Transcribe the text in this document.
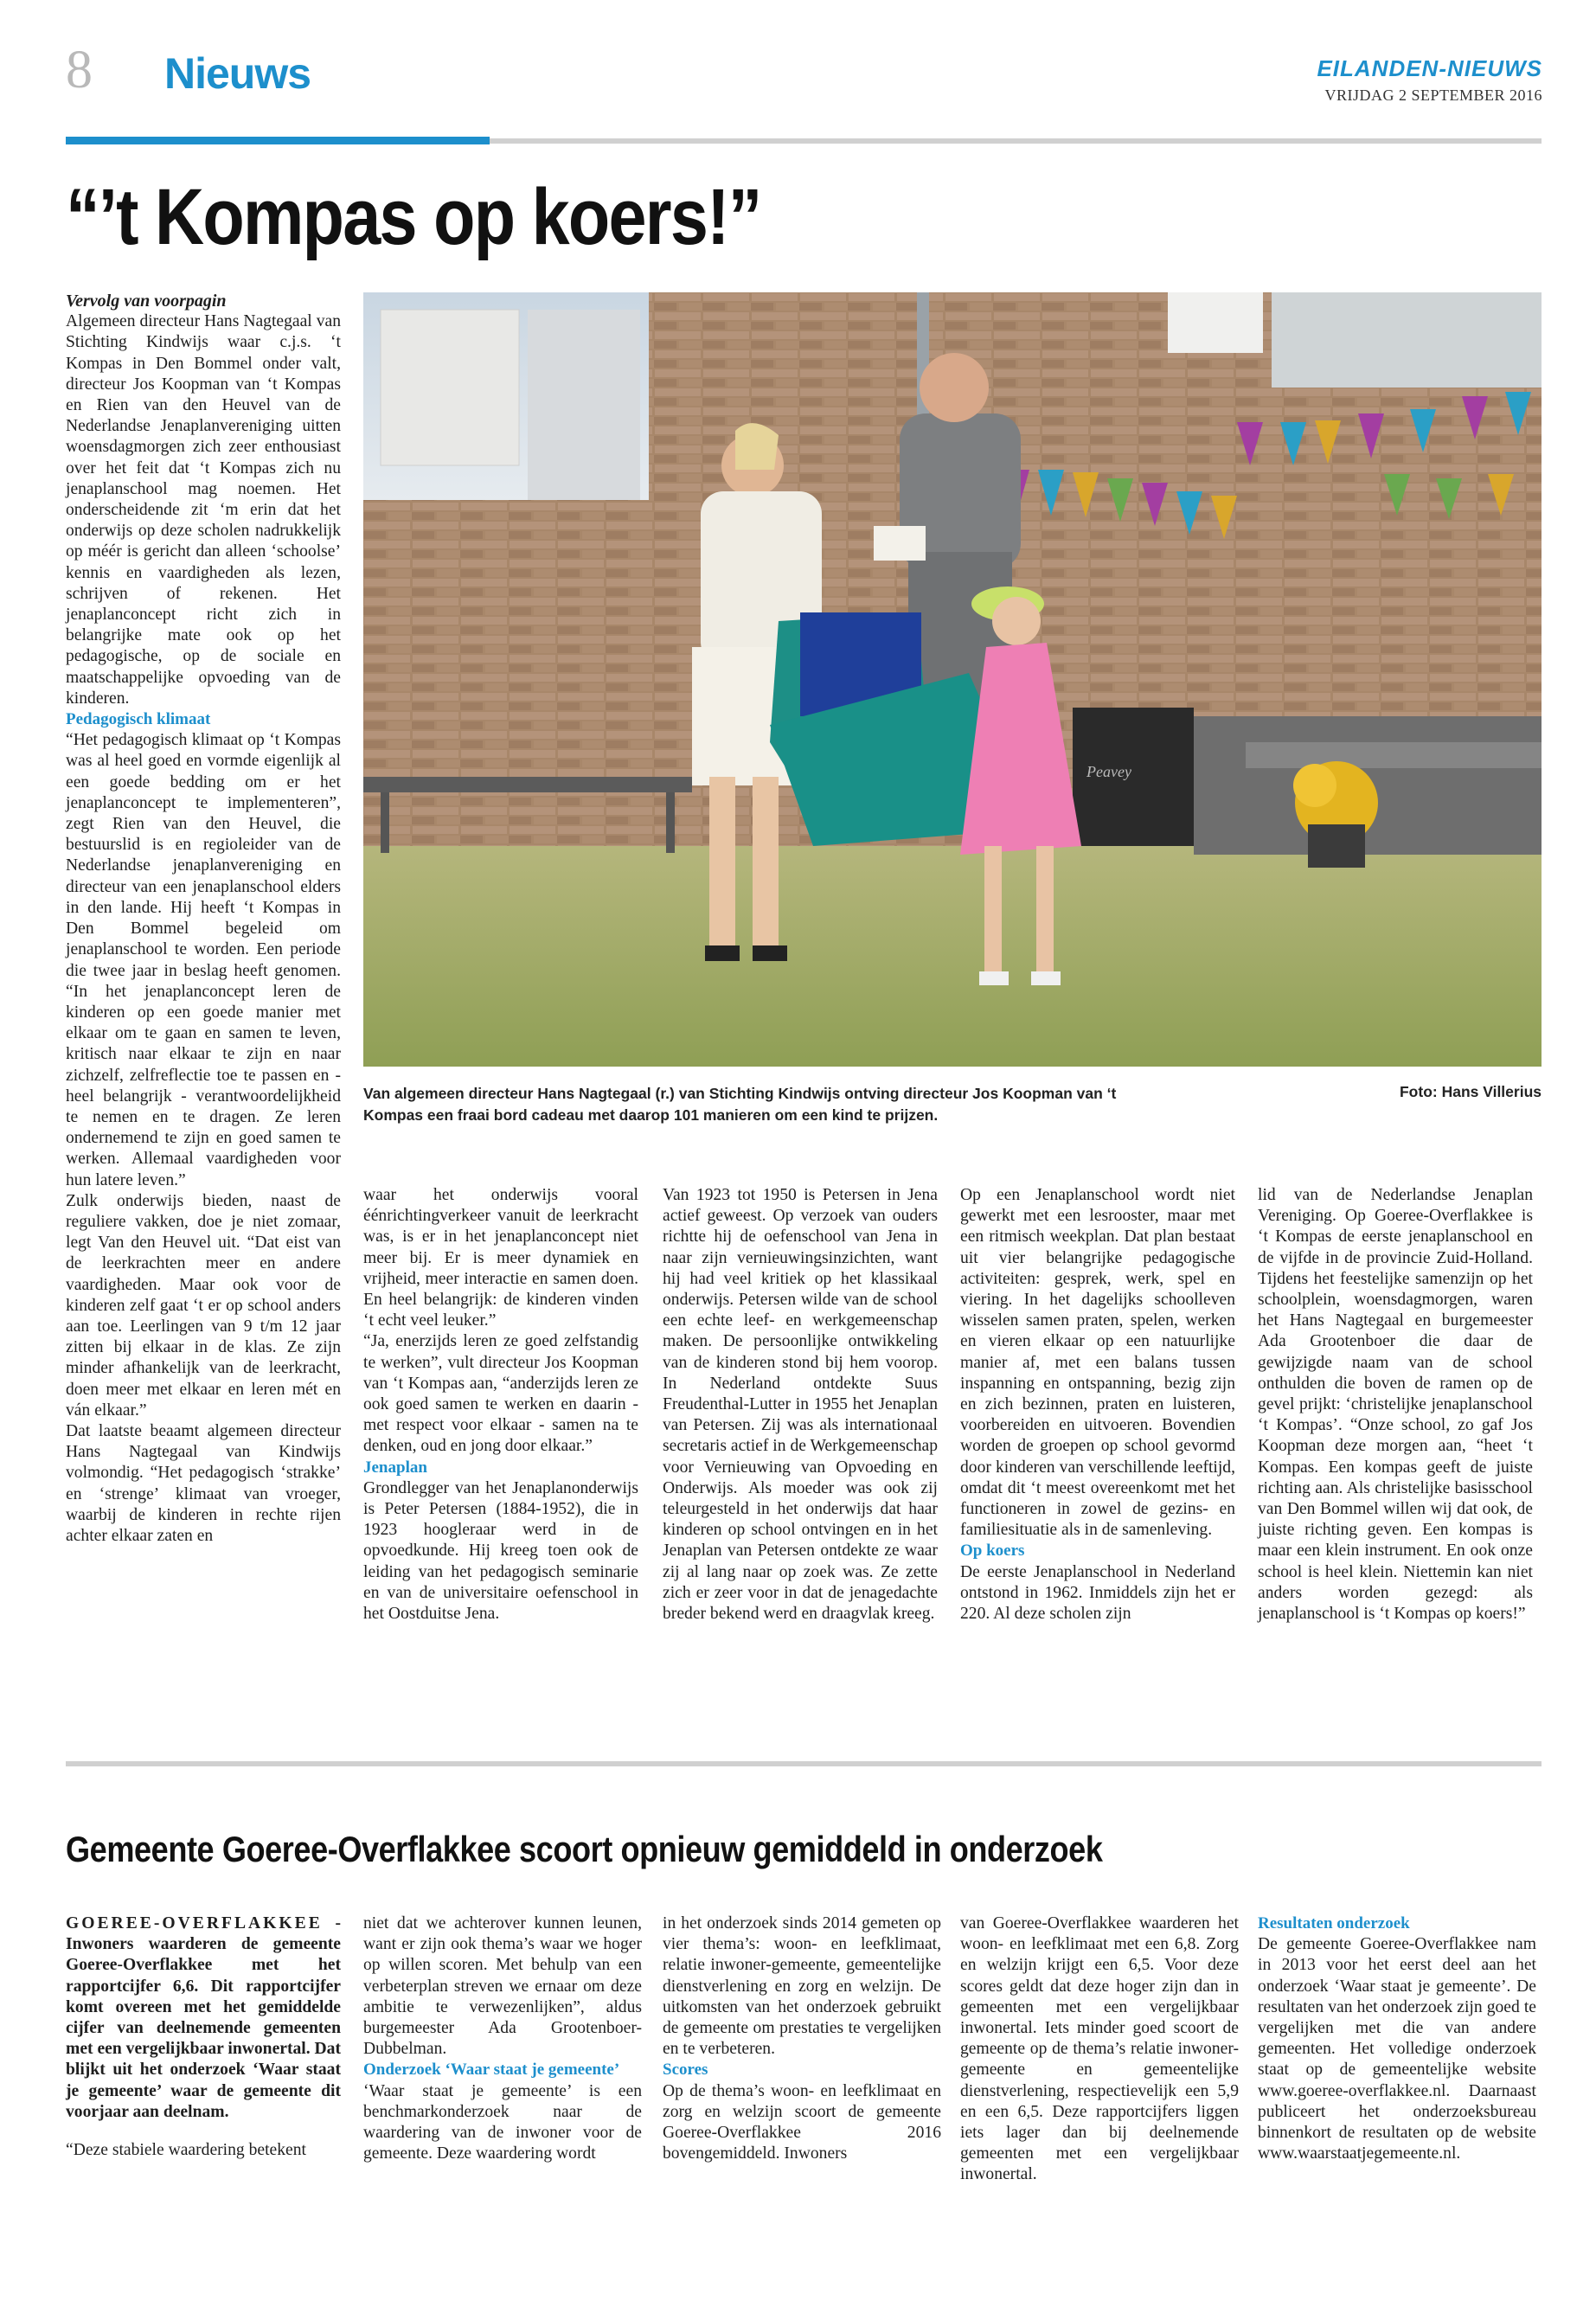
8 Nieuws	EILANDEN-NIEUWS
VRIJDAG 2 SEPTEMBER 2016
“’t Kompas op koers!”

Vervolg van voorpagin

Algemeen directeur Hans Nagtegaal van Stichting Kindwijs waar c.j.s. ‘t Kompas in Den Bommel onder valt, directeur Jos Koopman van ‘t Kompas en Rien van den Heuvel van de Nederlandse Jenaplanvereniging uitten woensdagmorgen zich zeer enthousiast over het feit dat ‘t Kompas zich nu jenaplanschool mag noemen. Het onderscheidende zit ‘m erin dat het onderwijs op deze scholen nadrukkelijk op méér is gericht dan alleen ‘schoolse’ kennis en vaardigheden als lezen, schrijven of rekenen. Het jenaplanconcept richt zich in belangrijke mate ook op het pedagogische, op de sociale en maatschappelijke opvoeding van de kinderen.

Pedagogisch klimaat

“Het pedagogisch klimaat op ‘t Kompas was al heel goed en vormde eigenlijk al een goede bedding om er het jenaplanconcept te implementeren”, zegt Rien van den Heuvel, die bestuurslid is en regioleider van de Nederlandse jenaplanvereniging en directeur van een jenaplanschool elders in den lande. Hij heeft ‘t Kompas in Den Bommel begeleid om jenaplanschool te worden. Een periode die twee jaar in beslag heeft genomen. “In het jenaplanconcept leren de kinderen op een goede manier met elkaar om te gaan en samen te leven, kritisch naar elkaar te zijn en naar zichzelf, zelfreflectie toe te passen en - heel belangrijk - verantwoordelijkheid te nemen en te dragen. Ze leren ondernemend te zijn en goed samen te werken. Allemaal vaardigheden voor hun latere leven.”

Zulk onderwijs bieden, naast de reguliere vakken, doe je niet zomaar, legt Van den Heuvel uit. “Dat eist van de leerkrachten meer en andere vaardigheden. Maar ook voor de kinderen zelf gaat ‘t er op school anders aan toe. Leerlingen van 9 t/m 12 jaar zitten bij elkaar in de klas. Ze zijn minder afhankelijk van de leerkracht, doen meer met elkaar en leren mét en ván elkaar.”

Dat laatste beaamt algemeen directeur Hans Nagtegaal van Kindwijs volmondig. “Het pedagogisch ‘strakke’ en ‘strenge’ klimaat van vroeger, waarbij de kinderen in rechte rijen achter elkaar zaten en

Peavey
Van algemeen directeur Hans Nagtegaal (r.) van Stichting Kindwijs ontving directeur Jos Koopman van ‘t Kompas een fraai bord cadeau met daarop 101 manieren om een kind te prijzen.
Foto: Hans Villerius

waar het onderwijs vooral éénrichtingverkeer vanuit de leerkracht was, is er in het jenaplanconcept niet meer bij. Er is meer dynamiek en vrijheid, meer interactie en samen doen. En heel belangrijk: de kinderen vinden ‘t echt veel leuker.”

“Ja, enerzijds leren ze goed zelfstandig te werken”, vult directeur Jos Koopman van ‘t Kompas aan, “anderzijds leren ze ook goed samen te werken en daarin - met respect voor elkaar - samen na te denken, oud en jong door elkaar.”

Jenaplan

Grondlegger van het Jenaplanonderwijs is Peter Petersen (1884-1952), die in 1923 hoogleraar werd in de opvoedkunde. Hij kreeg toen ook de leiding van het pedagogisch seminarie en van de universitaire oefenschool in het Oostduitse Jena.

Van 1923 tot 1950 is Petersen in Jena actief geweest. Op verzoek van ouders richtte hij de oefenschool van Jena in naar zijn vernieuwingsinzichten, want hij had veel kritiek op het klassikaal onderwijs. Petersen wilde van de school een echte leef- en werkgemeenschap maken. De persoonlijke ontwikkeling van de kinderen stond bij hem voorop. In Nederland ontdekte Suus Freudenthal-Lutter in 1955 het Jenaplan van Petersen. Zij was als internationaal secretaris actief in de Werkgemeenschap voor Vernieuwing van Opvoeding en Onderwijs. Als moeder was ook zij teleurgesteld in het onderwijs dat haar kinderen op school ontvingen en in het Jenaplan van Petersen ontdekte ze waar zij al lang naar op zoek was. Ze zette zich er zeer voor in dat de jenagedachte breder bekend werd en draagvlak kreeg.

Op een Jenaplanschool wordt niet gewerkt met een lesrooster, maar met een ritmisch weekplan. Dat plan bestaat uit vier belangrijke pedagogische activiteiten: gesprek, werk, spel en viering. In het dagelijks schoolleven wisselen samen praten, spelen, werken en vieren elkaar op een natuurlijke manier af, met een balans tussen inspanning en ontspanning, bezig zijn en zich bezinnen, praten en luisteren, voorbereiden en uitvoeren. Bovendien worden de groepen op school gevormd door kinderen van verschillende leeftijd, omdat dit ‘t meest overeenkomt met het functioneren in zowel de gezins- en familiesituatie als in de samenleving.

Op koers

De eerste Jenaplanschool in Nederland ontstond in 1962. Inmiddels zijn het er 220. Al deze scholen zijn

lid van de Nederlandse Jenaplan Vereniging. Op Goeree-Overflakkee is ‘t Kompas de eerste jenaplanschool en de vijfde in de provincie Zuid-Holland. Tijdens het feestelijke samenzijn op het schoolplein, woensdagmorgen, waren het Hans Nagtegaal en burgemeester Ada Grootenboer die daar de gewijzigde naam van de school onthulden die boven de ramen op de gevel prijkt: ‘christelijke jenaplanschool ‘t Kompas’. “Onze school, zo gaf Jos Koopman deze morgen aan, “heet ‘t Kompas. Een kompas geeft de juiste richting aan. Als christelijke basisschool van Den Bommel willen wij dat ook, de juiste richting geven. Een kompas is maar een klein instrument. En ook onze school is heel klein. Niettemin kan niet anders worden gezegd: als jenaplanschool is ‘t Kompas op koers!”

Gemeente Goeree-Overflakkee scoort opnieuw gemiddeld in onderzoek

GOEREE-OVERFLAKKEE - Inwoners waarderen de gemeente Goeree-Overflakkee met het rapportcijfer 6,6. Dit rapportcijfer komt overeen met het gemiddelde cijfer van deelnemende gemeenten met een vergelijkbaar inwonertal. Dat blijkt uit het onderzoek ‘Waar staat je gemeente’ waar de gemeente dit voorjaar aan deelnam.

“Deze stabiele waardering betekent

niet dat we achterover kunnen leunen, want er zijn ook thema’s waar we hoger op willen scoren. Met behulp van een verbeterplan streven we ernaar om deze ambitie te verwezenlijken”, aldus burgemeester Ada Grootenboer-Dubbelman.

Onderzoek ‘Waar staat je gemeente’

‘Waar staat je gemeente’ is een benchmarkonderzoek naar de waardering van de inwoner voor de gemeente. Deze waardering wordt

in het onderzoek sinds 2014 gemeten op vier thema’s: woon- en leefklimaat, relatie inwoner-gemeente, gemeentelijke dienstverlening en zorg en welzijn. De uitkomsten van het onderzoek gebruikt de gemeente om prestaties te vergelijken en te verbeteren.

Scores

Op de thema’s woon- en leefklimaat en zorg en welzijn scoort de gemeente Goeree-Overflakkee 2016 bovengemiddeld. Inwoners

van Goeree-Overflakkee waarderen het woon- en leefklimaat met een 6,8. Zorg en welzijn krijgt een 6,5. Voor deze scores geldt dat deze hoger zijn dan in gemeenten met een vergelijkbaar inwonertal. Iets minder goed scoort de gemeente op de thema’s relatie inwoner-gemeente en gemeentelijke dienstverlening, respectievelijk een 5,9 en een 6,5. Deze rapportcijfers liggen iets lager dan bij deelnemende gemeenten met een vergelijkbaar inwonertal.

Resultaten onderzoek

De gemeente Goeree-Overflakkee nam in 2013 voor het eerst deel aan het onderzoek ‘Waar staat je gemeente’. De resultaten van het onderzoek zijn goed te vergelijken met die van andere gemeenten. Het volledige onderzoek staat op de gemeentelijke website www.goeree-overflakkee.nl. Daarnaast publiceert het onderzoeksbureau binnenkort de resultaten op de website www.waarstaatjegemeente.nl.
